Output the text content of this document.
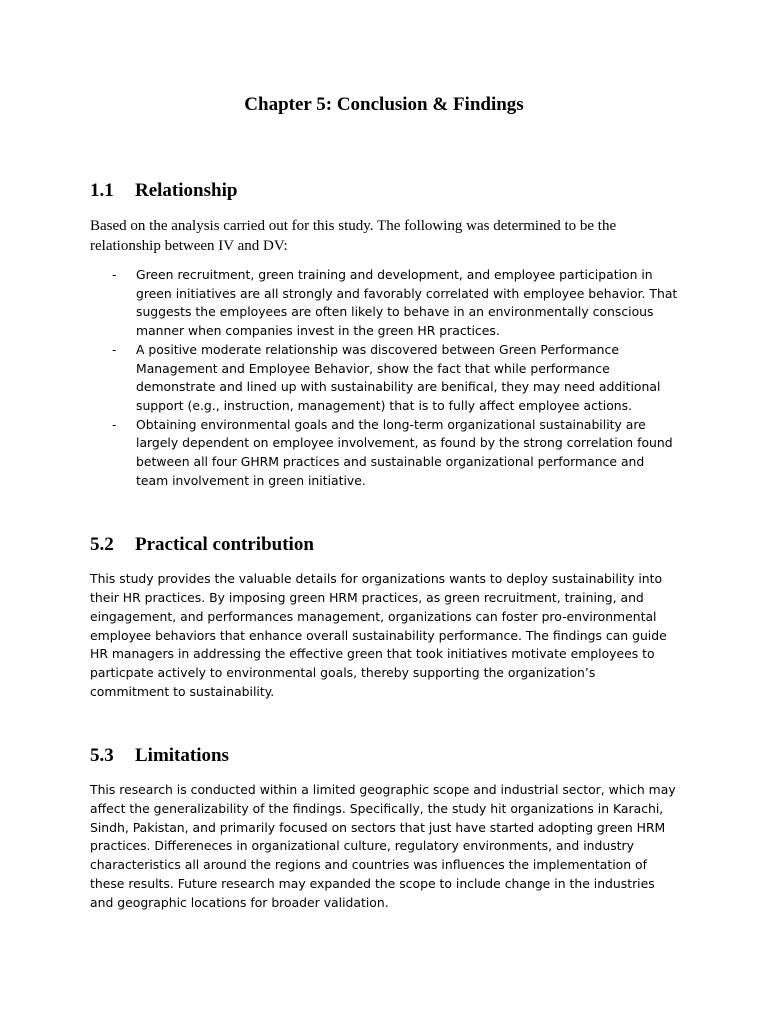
Chapter 5: Conclusion & Findings
1.1	Relationship

Based on the analysis carried out for this study. The following was determined to be the relationship between IV and DV:

- Green recruitment, green training and development, and employee participation in green initiatives are all strongly and favorably correlated with employee behavior. That suggests the employees are often likely to behave in an environmentally conscious manner when companies invest in the green HR practices.
- A positive moderate relationship was discovered between Green Performance Management and Employee Behavior, show the fact that while performance demonstrate and lined up with sustainability are benifical, they may need additional support (e.g., instruction, management) that is to fully affect employee actions.
- Obtaining environmental goals and the long-term organizational sustainability are largely dependent on employee involvement, as found by the strong correlation found between all four GHRM practices and sustainable organizational performance and team involvement in green initiative.
5.2	Practical contribution

This study provides the valuable details for organizations wants to deploy sustainability into their HR practices. By imposing green HRM practices, as green recruitment, training, and eingagement, and performances management, organizations can foster pro-environmental employee behaviors that enhance overall sustainability performance. The findings can guide HR managers in addressing the effective green that took initiatives motivate employees to particpate actively to environmental goals, thereby supporting the organization’s commitment to sustainability.

5.3	Limitations

This research is conducted within a limited geographic scope and industrial sector, which may affect the generalizability of the findings. Specifically, the study hit organizations in Karachi, Sindh, Pakistan, and primarily focused on sectors that just have started adopting green HRM practices. Differeneces in organizational culture, regulatory environments, and industry characteristics all around the regions and countries was influences the implementation of these results. Future research may expanded the scope to include change in the industries and geographic locations for broader validation.
